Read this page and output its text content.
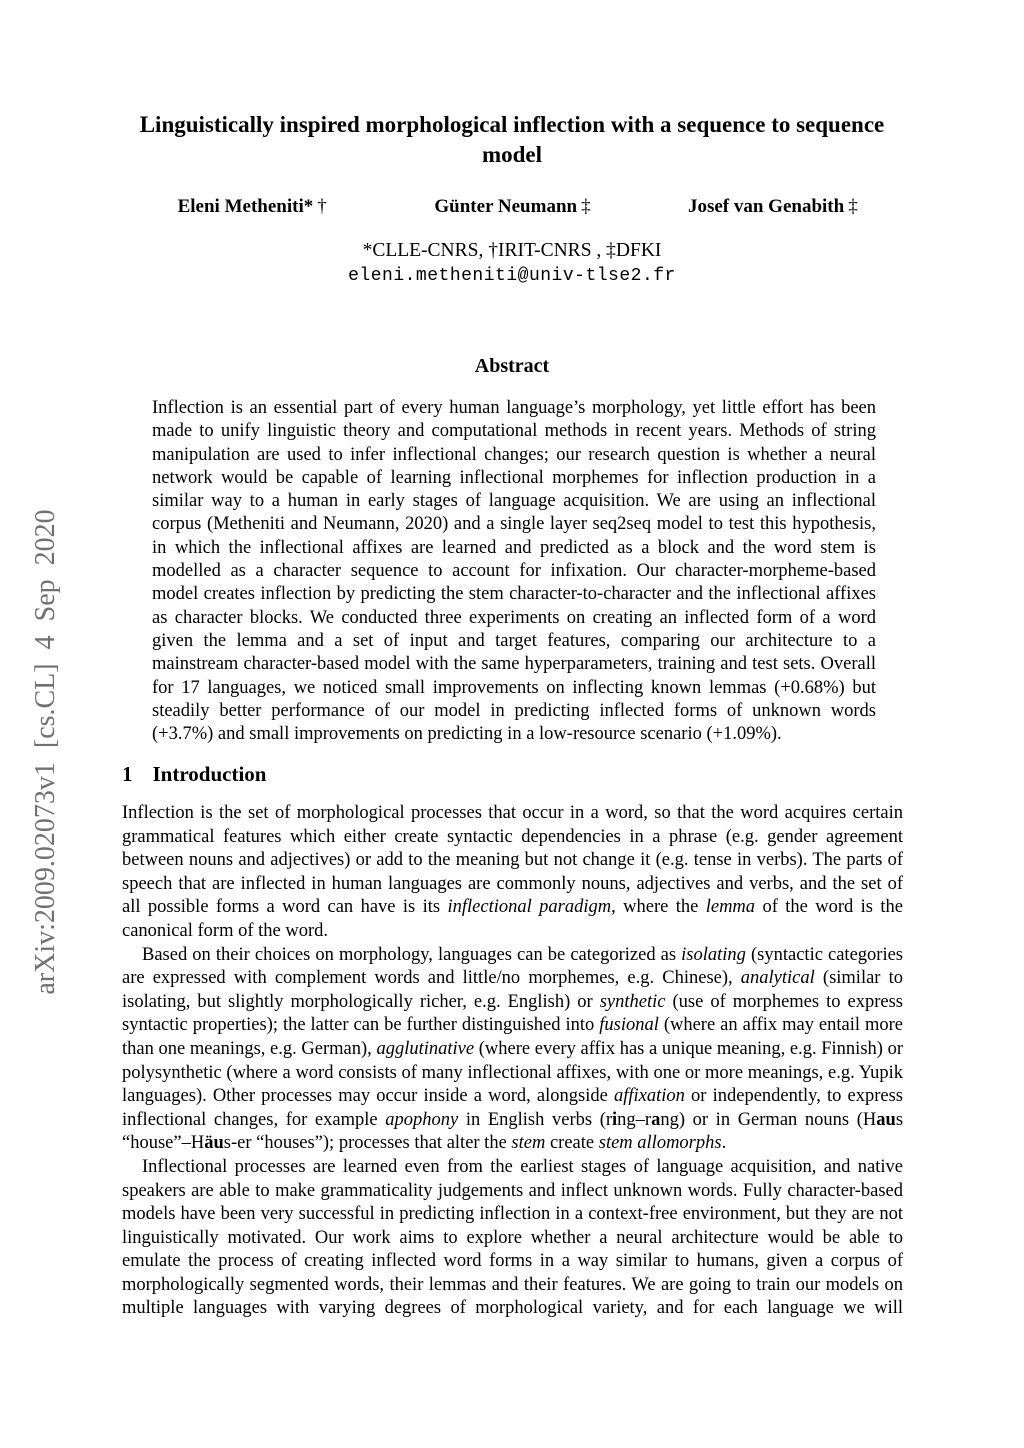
arXiv:2009.02073v1 [cs.CL] 4 Sep 2020
Linguistically inspired morphological inflection with a sequence to sequence model
Eleni Metheniti* †	Günter Neumann ‡	Josef van Genabith ‡
*CLLE-CNRS, †IRIT-CNRS , ‡DFKI
eleni.metheniti@univ-tlse2.fr
Abstract
Inflection is an essential part of every human language’s morphology, yet little effort has been made to unify linguistic theory and computational methods in recent years. Methods of string manipulation are used to infer inflectional changes; our research question is whether a neural network would be capable of learning inflectional morphemes for inflection production in a similar way to a human in early stages of language acquisition. We are using an inflectional corpus (Metheniti and Neumann, 2020) and a single layer seq2seq model to test this hypothesis, in which the inflectional affixes are learned and predicted as a block and the word stem is modelled as a character sequence to account for infixation. Our character-morpheme-based model creates inflection by predicting the stem character-to-character and the inflectional affixes as character blocks. We conducted three experiments on creating an inflected form of a word given the lemma and a set of input and target features, comparing our architecture to a mainstream character-based model with the same hyperparameters, training and test sets. Overall for 17 languages, we noticed small improvements on inflecting known lemmas (+0.68%) but steadily better performance of our model in predicting inflected forms of unknown words (+3.7%) and small improvements on predicting in a low-resource scenario (+1.09%).
1 Introduction

Inflection is the set of morphological processes that occur in a word, so that the word acquires certain grammatical features which either create syntactic dependencies in a phrase (e.g. gender agreement between nouns and adjectives) or add to the meaning but not change it (e.g. tense in verbs). The parts of speech that are inflected in human languages are commonly nouns, adjectives and verbs, and the set of all possible forms a word can have is its inflectional paradigm, where the lemma of the word is the canonical form of the word.

Based on their choices on morphology, languages can be categorized as isolating (syntactic categories are expressed with complement words and little/no morphemes, e.g. Chinese), analytical (similar to isolating, but slightly morphologically richer, e.g. English) or synthetic (use of morphemes to express syntactic properties); the latter can be further distinguished into fusional (where an affix may entail more than one meanings, e.g. German), agglutinative (where every affix has a unique meaning, e.g. Finnish) or polysynthetic (where a word consists of many inflectional affixes, with one or more meanings, e.g. Yupik languages). Other processes may occur inside a word, alongside affixation or independently, to express inflectional changes, for example apophony in English verbs (ring–rang) or in German nouns (Haus “house”–Häus-er “houses”); processes that alter the stem create stem allomorphs.

Inflectional processes are learned even from the earliest stages of language acquisition, and native speakers are able to make grammaticality judgements and inflect unknown words. Fully character-based models have been very successful in predicting inflection in a context-free environment, but they are not linguistically motivated. Our work aims to explore whether a neural architecture would be able to emulate the process of creating inflected word forms in a way similar to humans, given a corpus of morphologically segmented words, their lemmas and their features. We are going to train our models on multiple languages with varying degrees of morphological variety, and for each language we will
